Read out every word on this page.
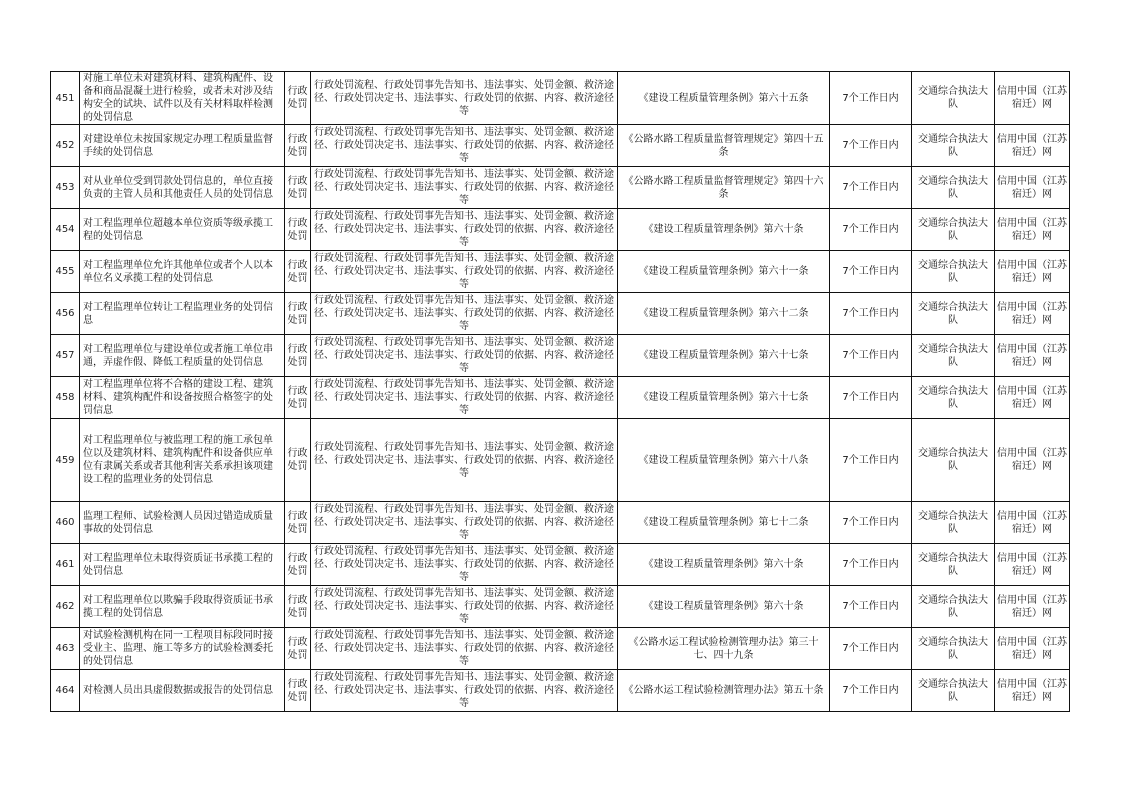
451	对施工单位未对建筑材料、建筑构配件、设备和商品混凝土进行检验，或者未对涉及结构安全的试块、试件以及有关材料取样检测的处罚信息	行政处罚	行政处罚流程、行政处罚事先告知书、违法事实、处罚金额、救济途径、行政处罚决定书、违法事实、行政处罚的依据、内容、救济途径等	《建设工程质量管理条例》第六十五条	7个工作日内	交通综合执法大队	信用中国（江苏宿迁）网
452	对建设单位未按国家规定办理工程质量监督手续的处罚信息	行政处罚	行政处罚流程、行政处罚事先告知书、违法事实、处罚金额、救济途径、行政处罚决定书、违法事实、行政处罚的依据、内容、救济途径等	《公路水路工程质量监督管理规定》第四十五条	7个工作日内	交通综合执法大队	信用中国（江苏宿迁）网
453	对从业单位受到罚款处罚信息的，单位直接负责的主管人员和其他责任人员的处罚信息	行政处罚	行政处罚流程、行政处罚事先告知书、违法事实、处罚金额、救济途径、行政处罚决定书、违法事实、行政处罚的依据、内容、救济途径等	《公路水路工程质量监督管理规定》第四十六条	7个工作日内	交通综合执法大队	信用中国（江苏宿迁）网
454	对工程监理单位超越本单位资质等级承揽工程的处罚信息	行政处罚	行政处罚流程、行政处罚事先告知书、违法事实、处罚金额、救济途径、行政处罚决定书、违法事实、行政处罚的依据、内容、救济途径等	《建设工程质量管理条例》第六十条	7个工作日内	交通综合执法大队	信用中国（江苏宿迁）网
455	对工程监理单位允许其他单位或者个人以本单位名义承揽工程的处罚信息	行政处罚	行政处罚流程、行政处罚事先告知书、违法事实、处罚金额、救济途径、行政处罚决定书、违法事实、行政处罚的依据、内容、救济途径等	《建设工程质量管理条例》第六十一条	7个工作日内	交通综合执法大队	信用中国（江苏宿迁）网
456	对工程监理单位转让工程监理业务的处罚信息	行政处罚	行政处罚流程、行政处罚事先告知书、违法事实、处罚金额、救济途径、行政处罚决定书、违法事实、行政处罚的依据、内容、救济途径等	《建设工程质量管理条例》第六十二条	7个工作日内	交通综合执法大队	信用中国（江苏宿迁）网
457	对工程监理单位与建设单位或者施工单位串通，弄虚作假、降低工程质量的处罚信息	行政处罚	行政处罚流程、行政处罚事先告知书、违法事实、处罚金额、救济途径、行政处罚决定书、违法事实、行政处罚的依据、内容、救济途径等	《建设工程质量管理条例》第六十七条	7个工作日内	交通综合执法大队	信用中国（江苏宿迁）网
458	对工程监理单位将不合格的建设工程、建筑材料、建筑构配件和设备按照合格签字的处罚信息	行政处罚	行政处罚流程、行政处罚事先告知书、违法事实、处罚金额、救济途径、行政处罚决定书、违法事实、行政处罚的依据、内容、救济途径等	《建设工程质量管理条例》第六十七条	7个工作日内	交通综合执法大队	信用中国（江苏宿迁）网
459	对工程监理单位与被监理工程的施工承包单位以及建筑材料、建筑构配件和设备供应单位有隶属关系或者其他利害关系承担该项建设工程的监理业务的处罚信息	行政处罚	行政处罚流程、行政处罚事先告知书、违法事实、处罚金额、救济途径、行政处罚决定书、违法事实、行政处罚的依据、内容、救济途径等	《建设工程质量管理条例》第六十八条	7个工作日内	交通综合执法大队	信用中国（江苏宿迁）网
460	监理工程师、试验检测人员因过错造成质量事故的处罚信息	行政处罚	行政处罚流程、行政处罚事先告知书、违法事实、处罚金额、救济途径、行政处罚决定书、违法事实、行政处罚的依据、内容、救济途径等	《建设工程质量管理条例》第七十二条	7个工作日内	交通综合执法大队	信用中国（江苏宿迁）网
461	对工程监理单位未取得资质证书承揽工程的处罚信息	行政处罚	行政处罚流程、行政处罚事先告知书、违法事实、处罚金额、救济途径、行政处罚决定书、违法事实、行政处罚的依据、内容、救济途径等	《建设工程质量管理条例》第六十条	7个工作日内	交通综合执法大队	信用中国（江苏宿迁）网
462	对工程监理单位以欺骗手段取得资质证书承揽工程的处罚信息	行政处罚	行政处罚流程、行政处罚事先告知书、违法事实、处罚金额、救济途径、行政处罚决定书、违法事实、行政处罚的依据、内容、救济途径等	《建设工程质量管理条例》第六十条	7个工作日内	交通综合执法大队	信用中国（江苏宿迁）网
463	对试验检测机构在同一工程项目标段同时接受业主、监理、施工等多方的试验检测委托的处罚信息	行政处罚	行政处罚流程、行政处罚事先告知书、违法事实、处罚金额、救济途径、行政处罚决定书、违法事实、行政处罚的依据、内容、救济途径等	《公路水运工程试验检测管理办法》第三十七、四十九条	7个工作日内	交通综合执法大队	信用中国（江苏宿迁）网
464	对检测人员出具虚假数据或报告的处罚信息	行政处罚	行政处罚流程、行政处罚事先告知书、违法事实、处罚金额、救济途径、行政处罚决定书、违法事实、行政处罚的依据、内容、救济途径等	《公路水运工程试验检测管理办法》第五十条	7个工作日内	交通综合执法大队	信用中国（江苏宿迁）网
